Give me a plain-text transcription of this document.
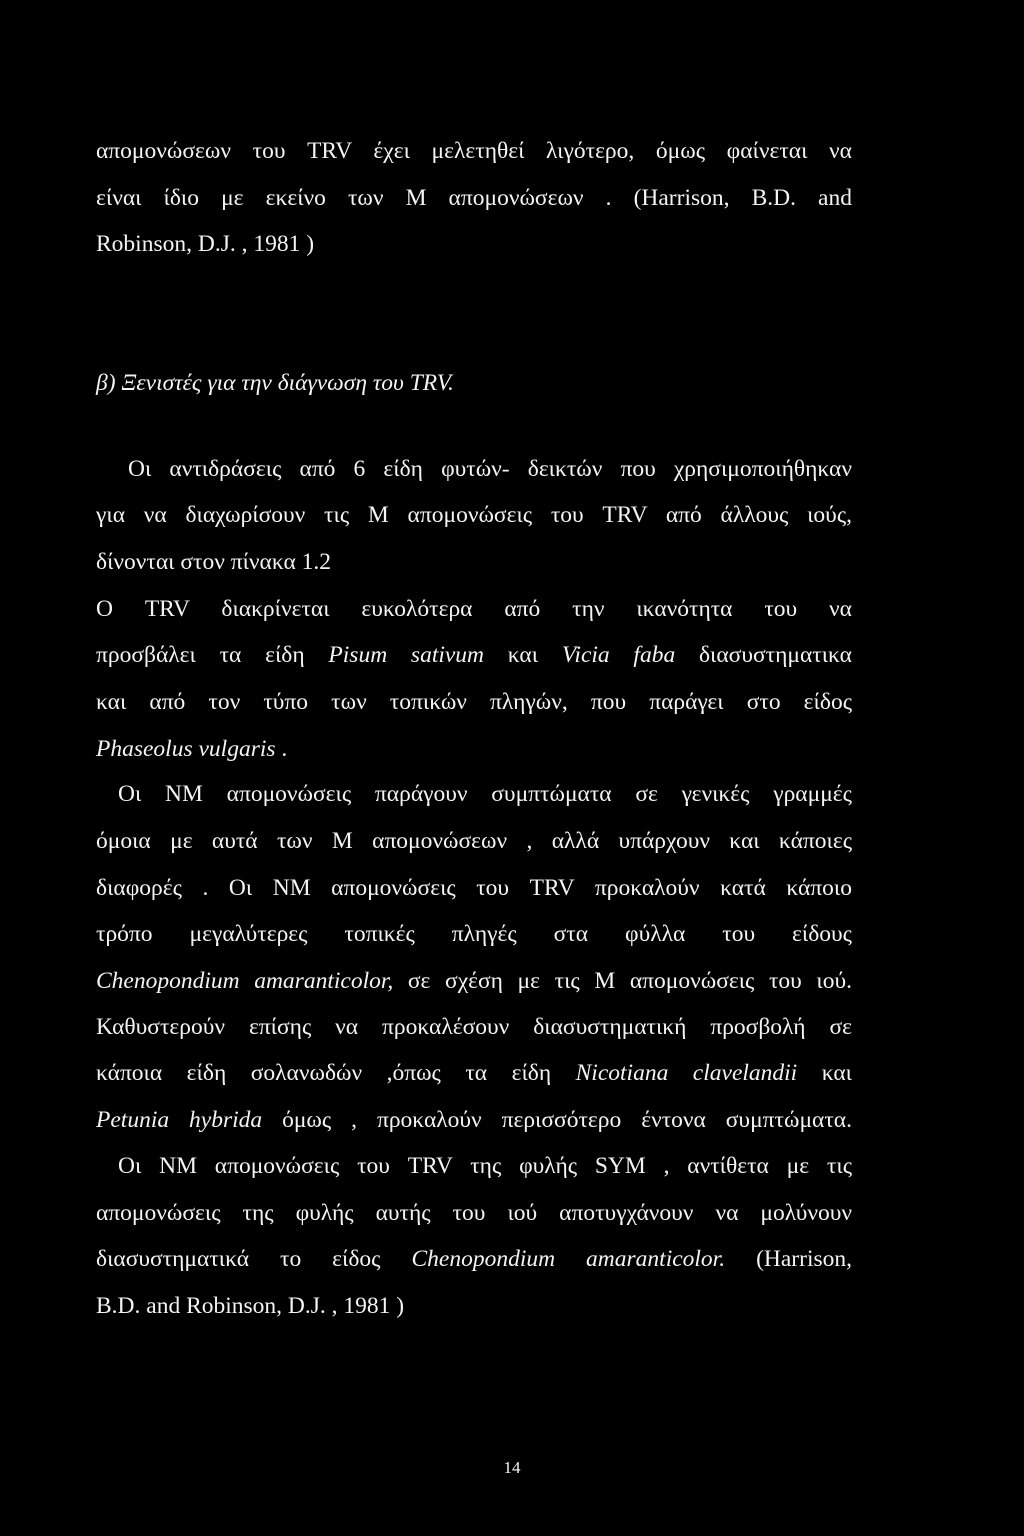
απομονώσεων του TRV έχει μελετηθεί λιγότερο, όμως φαίνεται να
είναι ίδιο με εκείνο των Μ απομονώσεων . (Harrison, B.D. and
Robinson, D.J. , 1981 )
β) Ξενιστές για την διάγνωση του TRV.
Οι αντιδράσεις από 6 είδη φυτών- δεικτών που χρησιμοποιήθηκαν
για να διαχωρίσουν τις Μ απομονώσεις του TRV από άλλους ιούς,
δίνονται στον πίνακα 1.2
Ο TRV διακρίνεται ευκολότερα από την ικανότητα του να
προσβάλει τα είδη Pisum sativum και Vicia faba διασυστηματικα
και από τον τύπο των τοπικών πληγών, που παράγει στο είδος
Phaseolus vulgaris .
Οι ΝΜ απομονώσεις παράγουν συμπτώματα σε γενικές γραμμές
όμοια με αυτά των Μ απομονώσεων , αλλά υπάρχουν και κάποιες
διαφορές . Οι ΝΜ απομονώσεις του TRV προκαλούν κατά κάποιο
τρόπο μεγαλύτερες τοπικές πληγές στα φύλλα του είδους
Chenopondium amaranticolor, σε σχέση με τις Μ απομονώσεις του ιού.
Καθυστερούν επίσης να προκαλέσουν διασυστηματική προσβολή σε
κάποια είδη σολανωδών ,όπως τα είδη Nicotiana clavelandii και
Petunia hybrida όμως , προκαλούν περισσότερο έντονα συμπτώματα.
Οι ΝΜ απομονώσεις του TRV της φυλής SYM , αντίθετα με τις
απομονώσεις της φυλής αυτής του ιού αποτυγχάνουν να μολύνουν
διασυστηματικά το είδος Chenopondium amaranticolor. (Harrison,
B.D. and Robinson, D.J. , 1981 )
14
